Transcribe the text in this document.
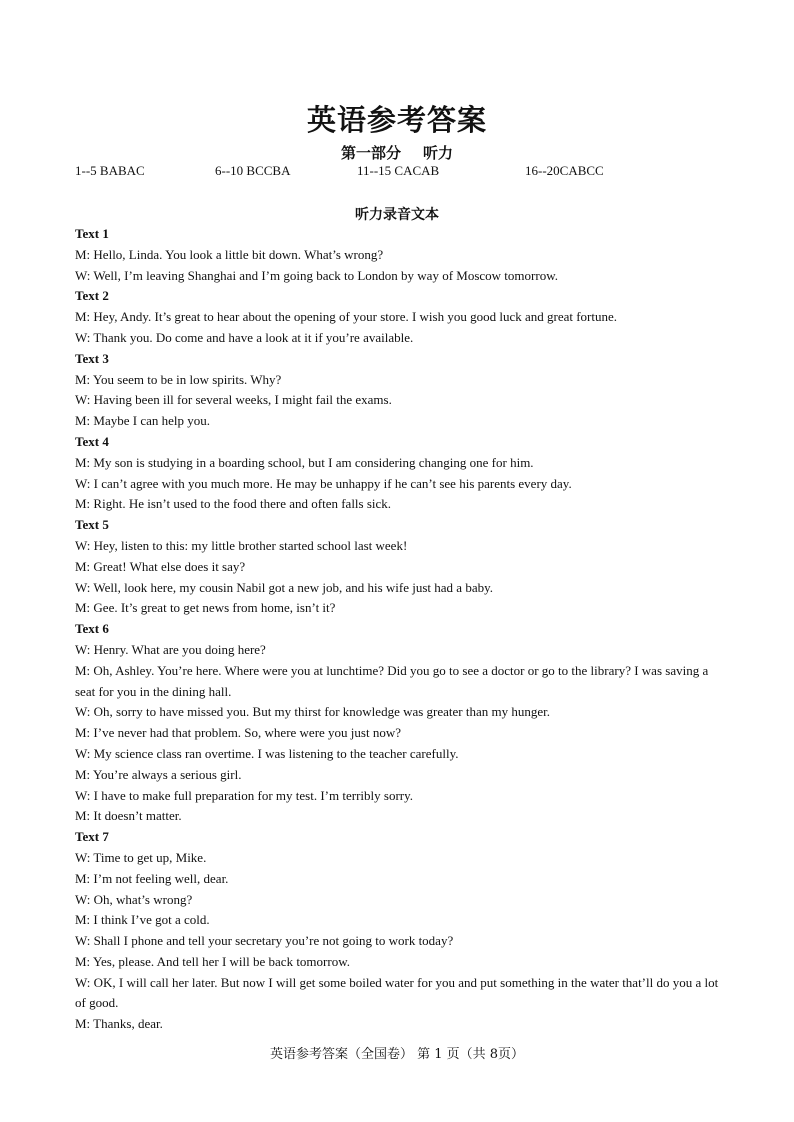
英语参考答案
第一部分 听力
1--5 BABAC	6--10 BCCBA	11--15 CACAB	16--20CABCC
听力录音文本
Text 1
M: Hello, Linda. You look a little bit down. What’s wrong?
W: Well, I’m leaving Shanghai and I’m going back to London by way of Moscow tomorrow.
Text 2
M: Hey, Andy. It’s great to hear about the opening of your store. I wish you good luck and great fortune.
W: Thank you. Do come and have a look at it if you’re available.
Text 3
M: You seem to be in low spirits. Why?
W: Having been ill for several weeks, I might fail the exams.
M: Maybe I can help you.
Text 4
M: My son is studying in a boarding school, but I am considering changing one for him.
W: I can’t agree with you much more. He may be unhappy if he can’t see his parents every day.
M: Right. He isn’t used to the food there and often falls sick.
Text 5
W: Hey, listen to this: my little brother started school last week!
M: Great! What else does it say?
W: Well, look here, my cousin Nabil got a new job, and his wife just had a baby.
M: Gee. It’s great to get news from home, isn’t it?
Text 6
W: Henry. What are you doing here?
M: Oh, Ashley. You’re here. Where were you at lunchtime? Did you go to see a doctor or go to the library? I was saving a seat for you in the dining hall.
W: Oh, sorry to have missed you. But my thirst for knowledge was greater than my hunger.
M: I’ve never had that problem. So, where were you just now?
W: My science class ran overtime. I was listening to the teacher carefully.
M: You’re always a serious girl.
W: I have to make full preparation for my test. I’m terribly sorry.
M: It doesn’t matter.
Text 7
W: Time to get up, Mike.
M: I’m not feeling well, dear.
W: Oh, what’s wrong?
M: I think I’ve got a cold.
W: Shall I phone and tell your secretary you’re not going to work today?
M: Yes, please. And tell her I will be back tomorrow.
W: OK, I will call her later. But now I will get some boiled water for you and put something in the water that’ll do you a lot of good.
M: Thanks, dear.
英语参考答案（全国卷） 第 1 页（共 8页）
